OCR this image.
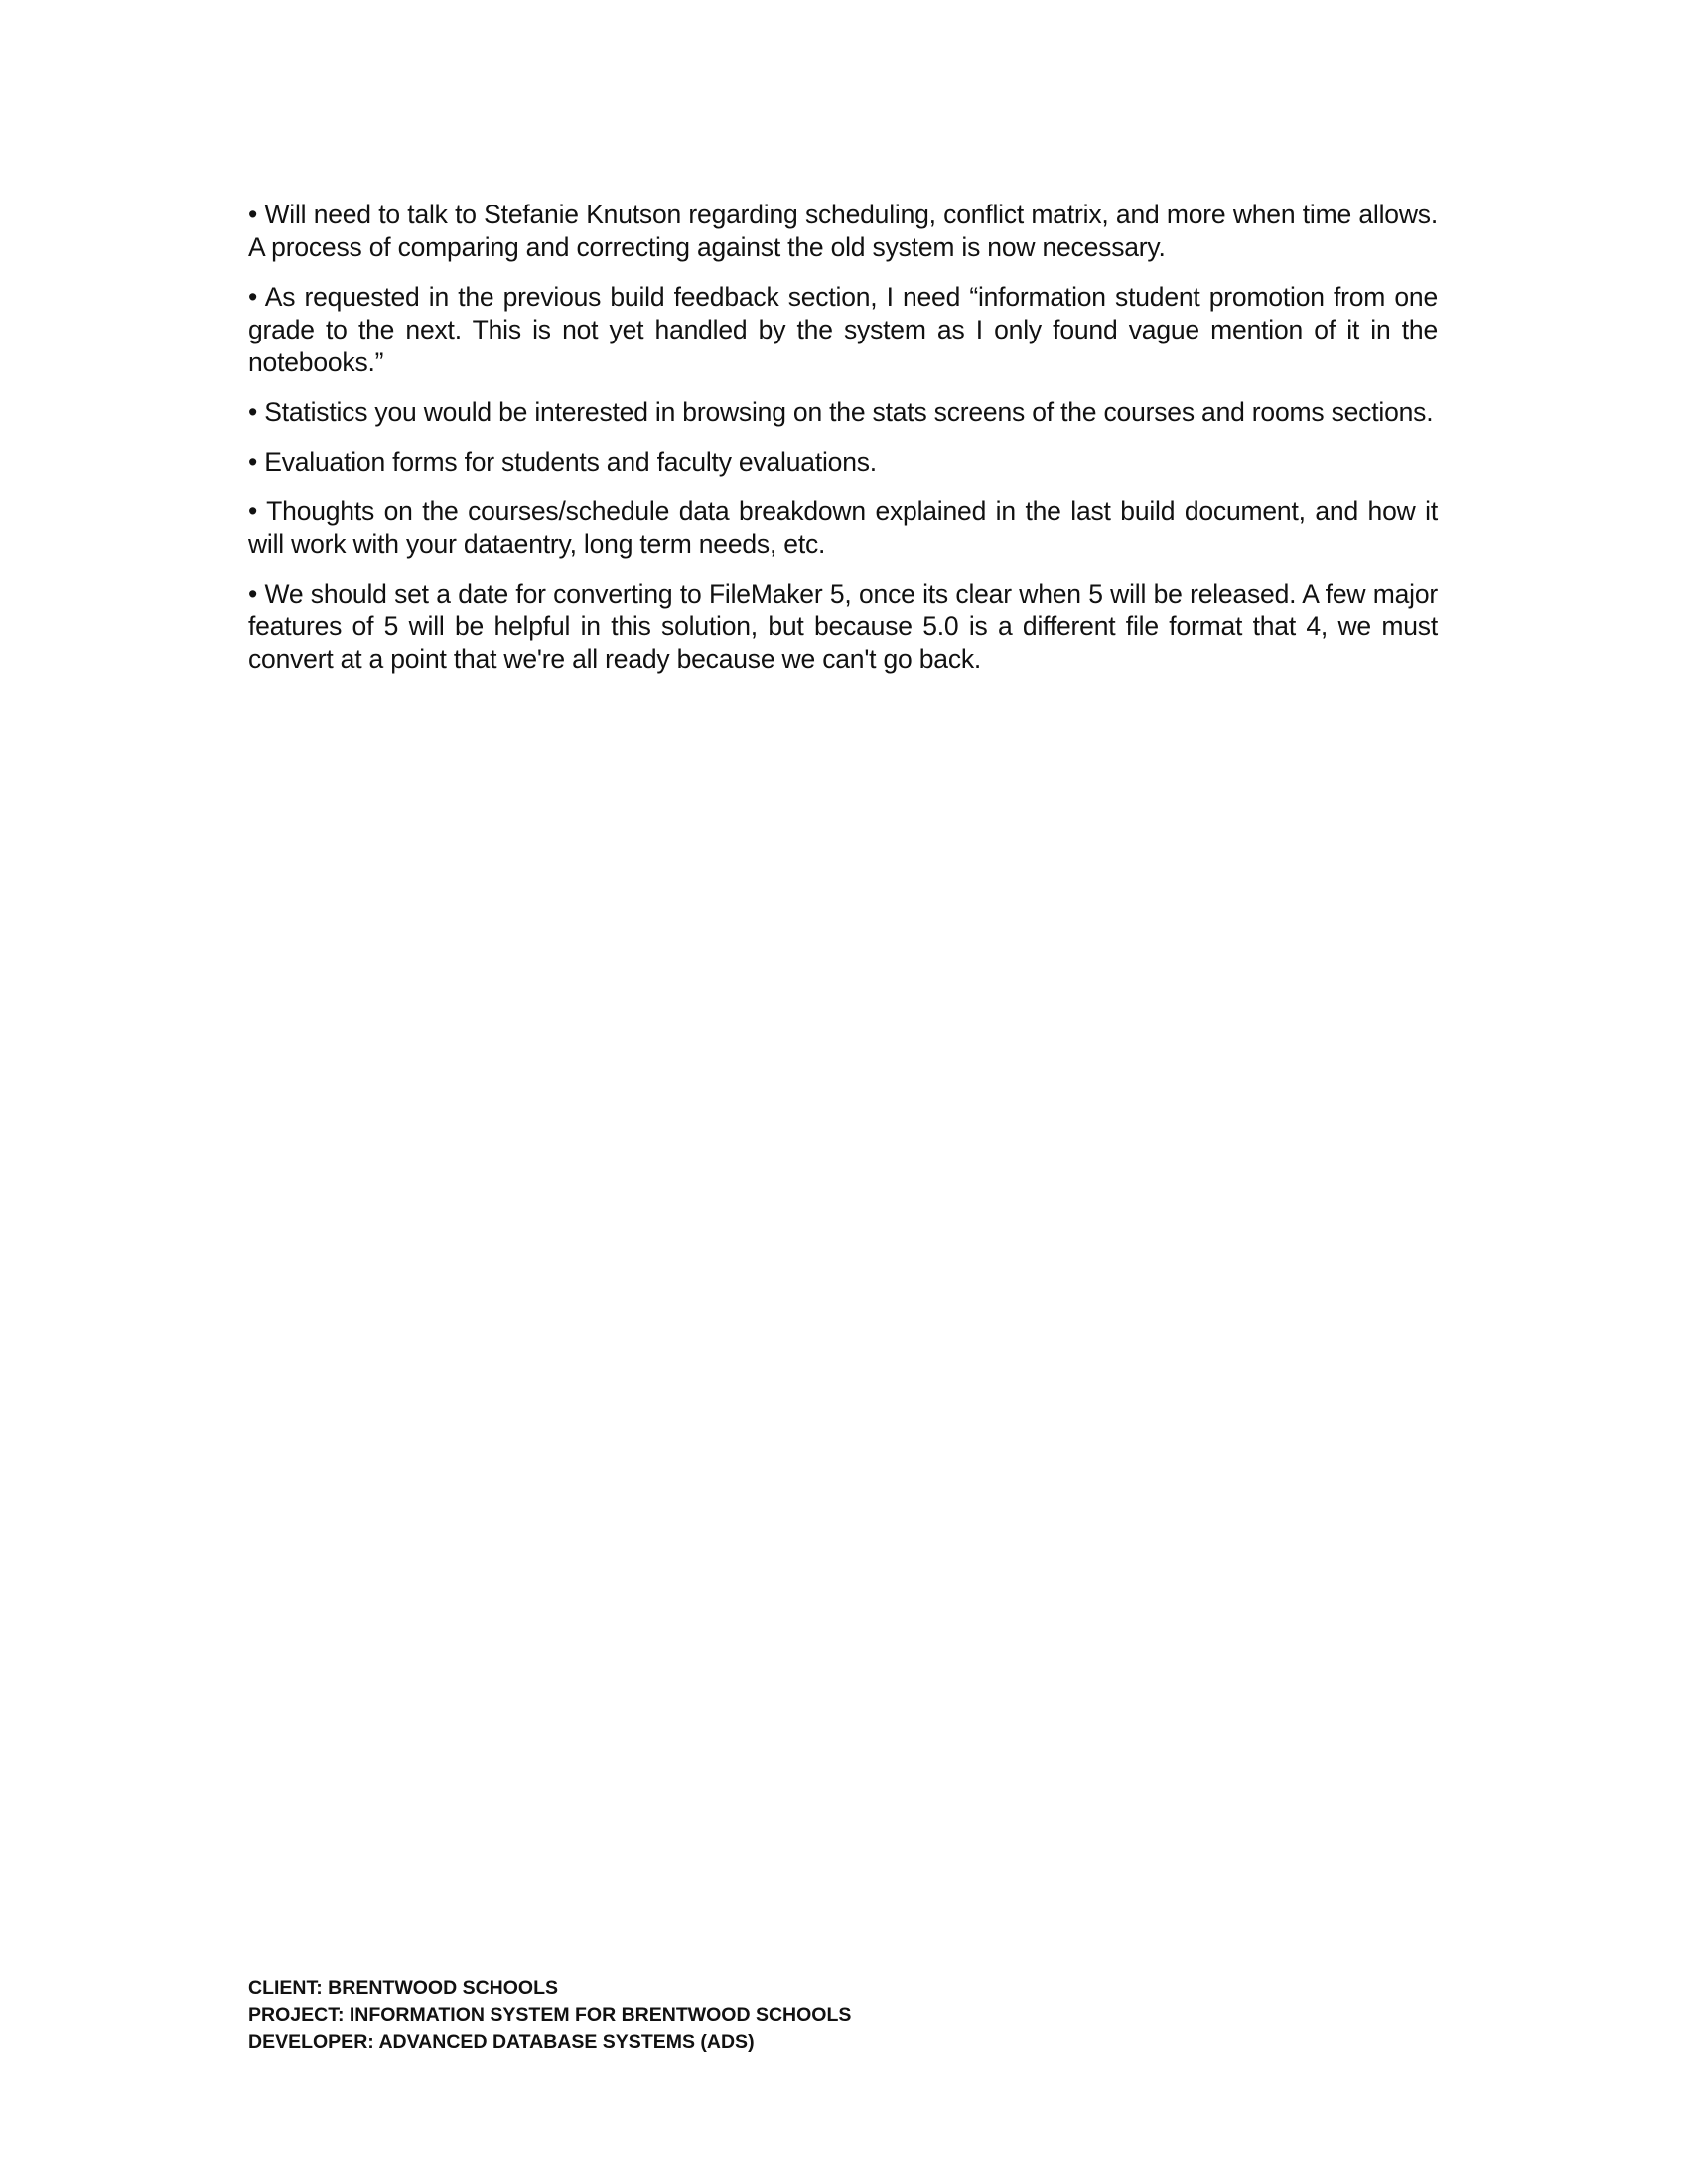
• Will need to talk to Stefanie Knutson regarding scheduling, conflict matrix, and more when time allows. A process of comparing and correcting against the old system is now necessary.

• As requested in the previous build feedback section, I need “information student promotion from one grade to the next. This is not yet handled by the system as I only found vague mention of it in the notebooks.”

• Statistics you would be interested in browsing on the stats screens of the courses and rooms sections.

• Evaluation forms for students and faculty evaluations.

• Thoughts on the courses/schedule data breakdown explained in the last build document, and how it will work with your dataentry, long term needs, etc.

• We should set a date for converting to FileMaker 5, once its clear when 5 will be released. A few major features of 5 will be helpful in this solution, but because 5.0 is a different file format that 4, we must convert at a point that we're all ready because we can't go back.

CLIENT: BRENTWOOD SCHOOLS
PROJECT: INFORMATION SYSTEM FOR BRENTWOOD SCHOOLS
DEVELOPER: ADVANCED DATABASE SYSTEMS (ADS)
